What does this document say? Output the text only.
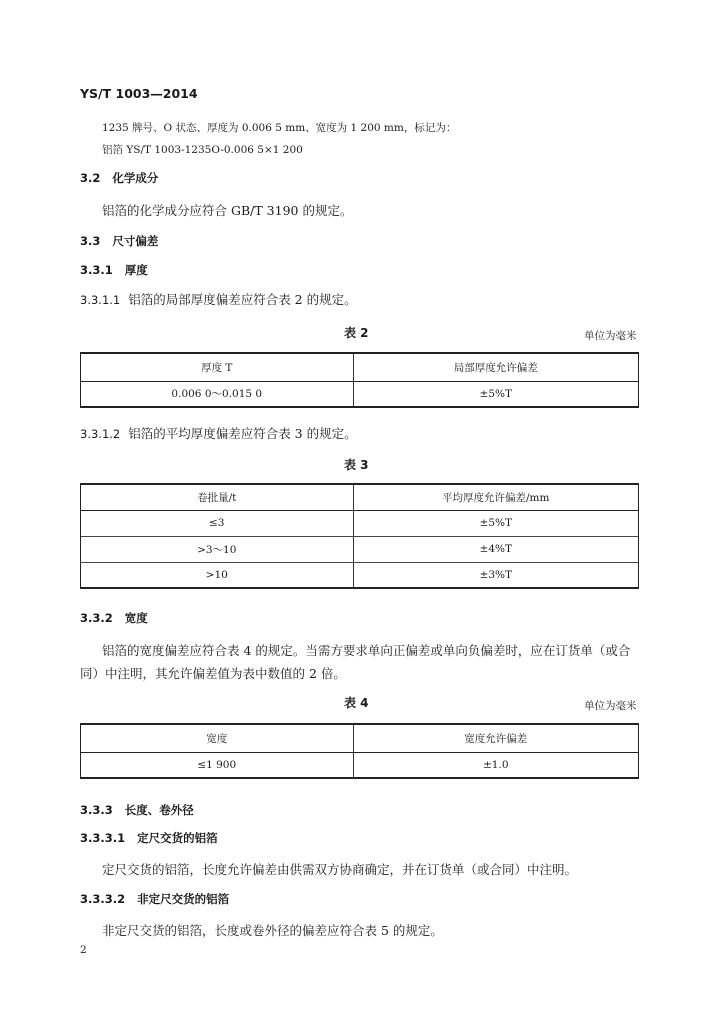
YS/T 1003—2014
1235 牌号、O 状态、厚度为 0.006 5 mm、宽度为 1 200 mm，标记为：
铝箔 YS/T 1003-1235O-0.006 5×1 200
3.2 化学成分
铝箔的化学成分应符合 GB/T 3190 的规定。
3.3 尺寸偏差
3.3.1 厚度
3.3.1.1 铝箔的局部厚度偏差应符合表 2 的规定。
表 2	单位为毫米
厚度 T	局部厚度允许偏差
0.006 0～0.015 0	±5%T
3.3.1.2 铝箔的平均厚度偏差应符合表 3 的规定。
表 3
卷批量/t	平均厚度允许偏差/mm
≤3	±5%T
>3～10	±4%T
>10	±3%T
3.3.2 宽度
铝箔的宽度偏差应符合表 4 的规定。当需方要求单向正偏差或单向负偏差时，应在订货单（或合
同）中注明，其允许偏差值为表中数值的 2 倍。
表 4	单位为毫米
宽度	宽度允许偏差
≤1 900	±1.0
3.3.3 长度、卷外径
3.3.3.1 定尺交货的铝箔
定尺交货的铝箔，长度允许偏差由供需双方协商确定，并在订货单（或合同）中注明。
3.3.3.2 非定尺交货的铝箔
非定尺交货的铝箔，长度或卷外径的偏差应符合表 5 的规定。
2
